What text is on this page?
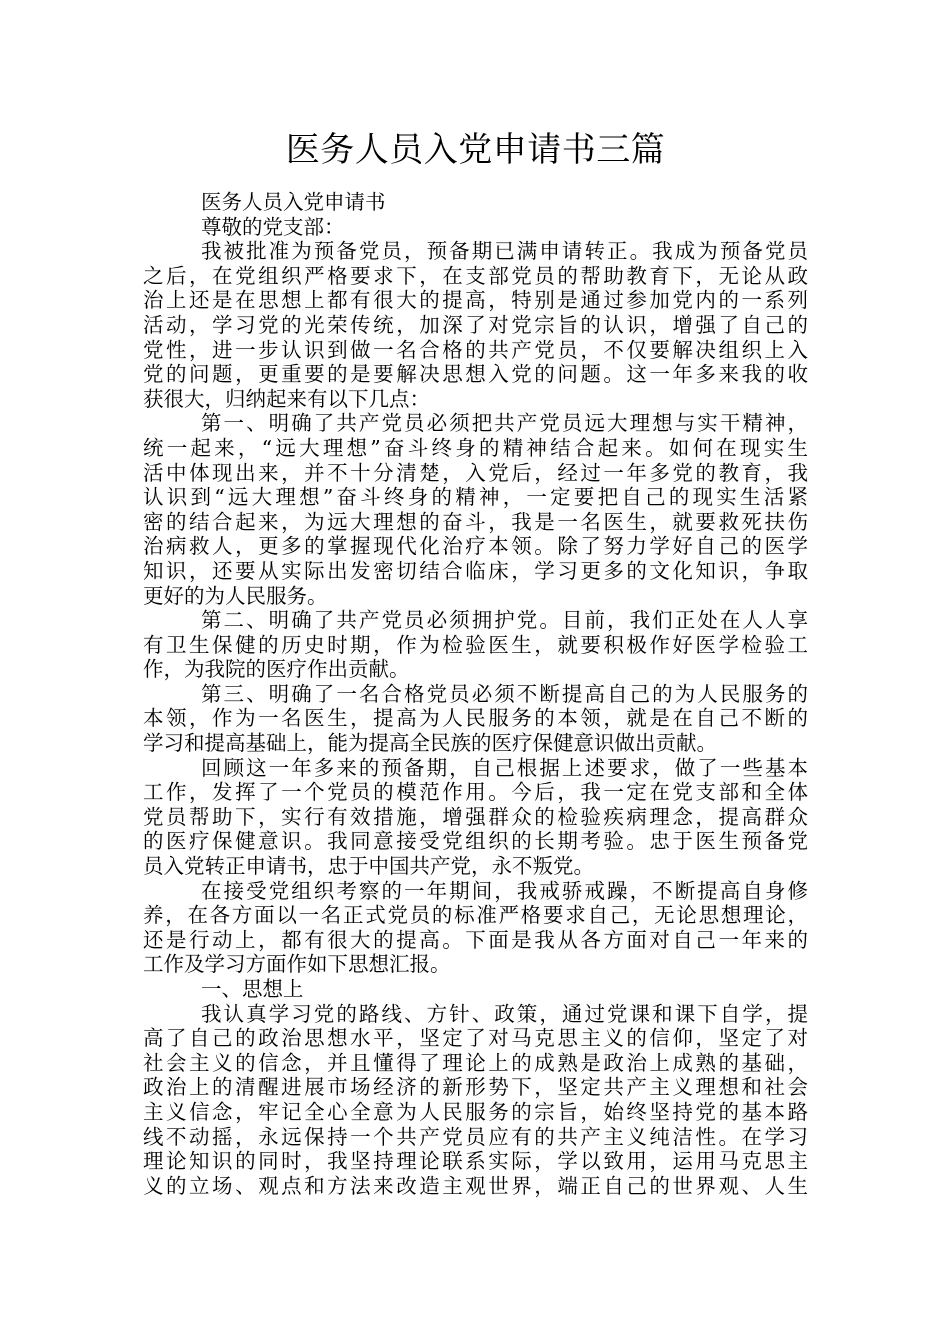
医务人员入党申请书三篇

医务人员入党申请书

尊敬的党支部：

我被批准为预备党员，预备期已满申请转正。我成为预备党员

之后，在党组织严格要求下，在支部党员的帮助教育下，无论从政

治上还是在思想上都有很大的提高，特别是通过参加党内的一系列

活动，学习党的光荣传统，加深了对党宗旨的认识，增强了自己的

党性，进一步认识到做一名合格的共产党员，不仅要解决组织上入

党的问题，更重要的是要解决思想入党的问题。这一年多来我的收

获很大，归纳起来有以下几点：

第一、明确了共产党员必须把共产党员远大理想与实干精神，

统一起来，“远大理想”奋斗终身的精神结合起来。如何在现实生

活中体现出来，并不十分清楚，入党后，经过一年多党的教育，我

认识到“远大理想”奋斗终身的精神，一定要把自己的现实生活紧

密的结合起来，为远大理想的奋斗，我是一名医生，就要救死扶伤

治病救人，更多的掌握现代化治疗本领。除了努力学好自己的医学

知识，还要从实际出发密切结合临床，学习更多的文化知识，争取

更好的为人民服务。

第二、明确了共产党员必须拥护党。目前，我们正处在人人享

有卫生保健的历史时期，作为检验医生，就要积极作好医学检验工

作，为我院的医疗作出贡献。

第三、明确了一名合格党员必须不断提高自己的为人民服务的

本领，作为一名医生，提高为人民服务的本领，就是在自己不断的

学习和提高基础上，能为提高全民族的医疗保健意识做出贡献。

回顾这一年多来的预备期，自己根据上述要求，做了一些基本

工作，发挥了一个党员的模范作用。今后，我一定在党支部和全体

党员帮助下，实行有效措施，增强群众的检验疾病理念，提高群众

的医疗保健意识。我同意接受党组织的长期考验。忠于医生预备党

员入党转正申请书，忠于中国共产党，永不叛党。

在接受党组织考察的一年期间，我戒骄戒躁，不断提高自身修

养，在各方面以一名正式党员的标准严格要求自己，无论思想理论，

还是行动上，都有很大的提高。下面是我从各方面对自己一年来的

工作及学习方面作如下思想汇报。

一、思想上

我认真学习党的路线、方针、政策，通过党课和课下自学，提

高了自己的政治思想水平，坚定了对马克思主义的信仰，坚定了对

社会主义的信念，并且懂得了理论上的成熟是政治上成熟的基础，

政治上的清醒进展市场经济的新形势下，坚定共产主义理想和社会

主义信念，牢记全心全意为人民服务的宗旨，始终坚持党的基本路

线不动摇，永远保持一个共产党员应有的共产主义纯洁性。在学习

理论知识的同时，我坚持理论联系实际，学以致用，运用马克思主

义的立场、观点和方法来改造主观世界，端正自己的世界观、人生
